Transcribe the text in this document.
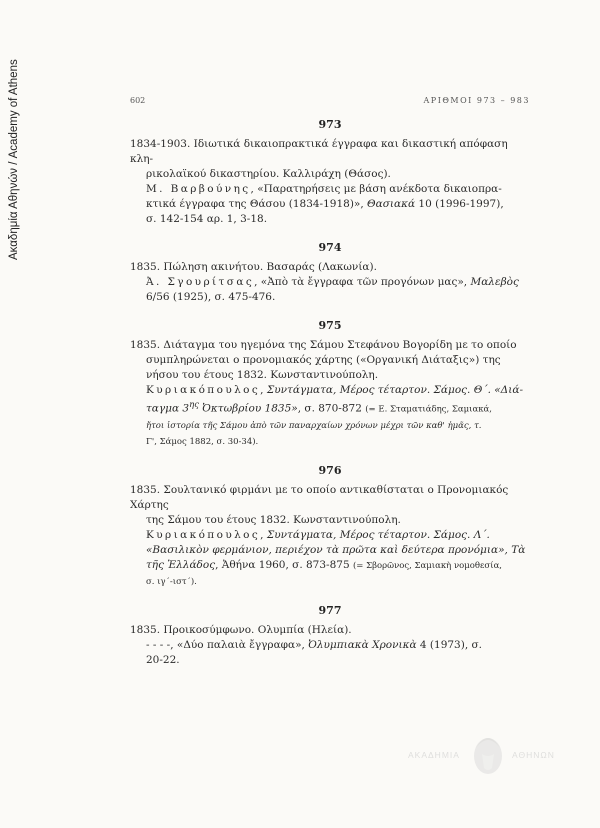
Ακαδημία Αθηνών / Academy of Athens	602	ΑΡΙΘΜΟΙ 973 – 983
973

1834-1903. Ιδιωτικά δικαιοπρακτικά έγγραφα και δικαστική απόφαση κλη-
ρικολαϊκού δικαστηρίου. Καλλιράχη (Θάσος).

Μ. Βαρβούνης, «Παρατηρήσεις με βάση ανέκδοτα δικαιοπρα-
κτικά έγγραφα της Θάσου (1834-1918)», Θασιακά 10 (1996-1997),
σ. 142-154 αρ. 1, 3-18.

974

1835. Πώληση ακινήτου. Βασαράς (Λακωνία).

Ἀ. Σγουρίτσας, «Ἀπὸ τὰ ἔγγραφα τῶν προγόνων μας», Μαλεβὸς
6/56 (1925), σ. 475-476.

975

1835. Διάταγμα του ηγεμόνα της Σάμου Στεφάνου Βογορίδη με το οποίο
συμπληρώνεται ο προνομιακός χάρτης («Οργανική Διάταξις») της
νήσου του έτους 1832. Κωνσταντινούπολη.

Κυριακόπουλος, Συντάγματα, Μέρος τέταρτον. Σάμος. Θ΄. «Διά-
ταγμα $3^{\eta\varsigma}$ Ὀκτωβρίου 1835», σ. 870-872 (= Ε. Σταματιάδης, Σαμιακά,
ἤτοι ἱστορία τῆς Σάμου ἀπὸ τῶν παναρχαίων χρόνων μέχρι τῶν καθ' ἡμᾶς, τ.
Γ', Σάμος 1882, σ. 30-34).

976

1835. Σουλτανικό φιρμάνι με το οποίο αντικαθίσταται ο Προνομιακός Χάρτης
της Σάμου του έτους 1832. Κωνσταντινούπολη.

Κυριακόπουλος, Συντάγματα, Μέρος τέταρτον. Σάμος. Λ΄.
«Βασιλικὸν φερμάνιον, περιέχον τὰ πρῶτα καὶ δεύτερα προνόμια», Τὰ
τῆς Ἑλλάδος, Ἀθήνα 1960, σ. 873-875 (= Σβορῶνος, Σαμιακὴ νομοθεσία,
σ. ιγ΄-ιστ΄).

977

1835. Προικοσύμφωνο. Ολυμπία (Ηλεία).

- - - -, «Δύο παλαιὰ ἔγγραφα», Ὀλυμπιακὰ Χρονικὰ 4 (1973), σ.
20-22.

ΑΚΑΔΗΜΙΑ	ΑΘΗΝΩΝ
